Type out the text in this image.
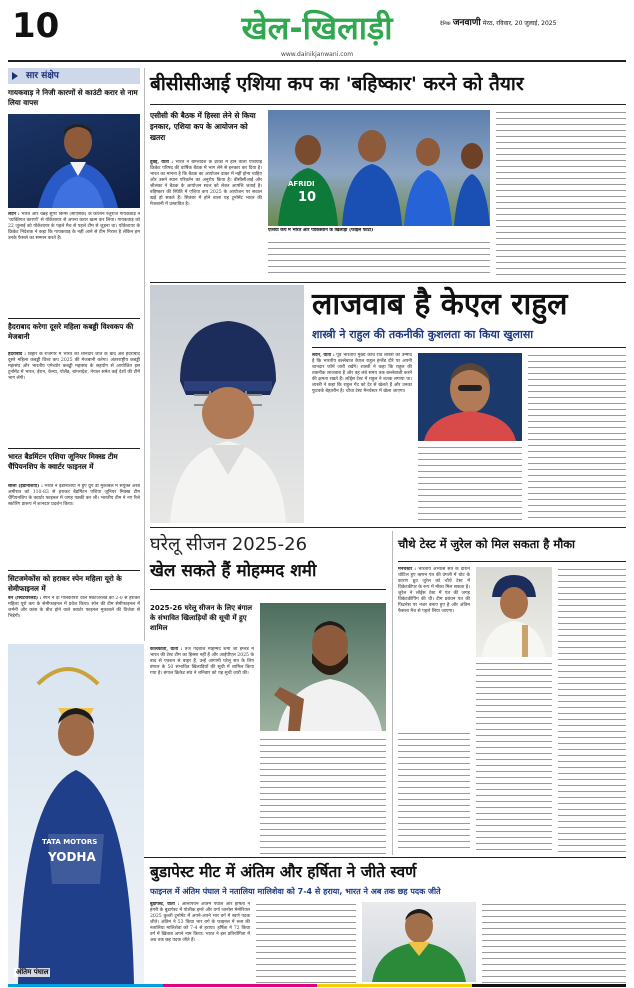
10	खेल-खिलाड़ी	दैनिक जनवाणी मेरठ, रविवार, 20 जुलाई, 2025
www.dainikjanwani.com
सार संक्षेप
गायकवाड़ ने निजी कारणों से काउंटी करार से नाम लिया वापस
लंदन : भारत और चेन्नई सुपर किंग्स (सीएसके) के कप्तान रुतुराज गायकवाड़ ने 'व्यक्तिगत कारणों' से यॉर्कशायर से अपना करार खत्म कर लिया। गायकवाड़ को 22 जुलाई को यॉर्कशायर के पहले मैच से पहले टीम से जुड़ना था। यॉर्कशायर के क्रिकेट निदेशक ने कहा कि गायकवाड़ के नहीं आने से टीम निराश है लेकिन हम उनके फैसले का सम्मान करते हैं।
हैदराबाद करेगा दूसरे महिला कबड्डी विश्वकप की मेजबानी
हैदराबाद : बिहार के राजगीर में भारत की शानदार जीत के बाद अब हैदराबाद दूसरे महिला कबड्डी विश्व कप 2025 की मेजबानी करेगा। अंतरराष्ट्रीय कबड्डी महासंघ और भारतीय एमेच्योर कबड्डी महासंघ के सहयोग से आयोजित इस टूर्नामेंट में भारत, ईरान, केन्या, पोलैंड, बांग्लादेश, नेपाल समेत कई देशों की टीमें भाग लेंगी।
भारत बैडमिंटन एशिया जूनियर मिक्स्ड टीम चैंपियनशिप के क्वार्टर फाइनल में
सोलो (इंडोनेशिया) : भारत ने इंडोनेशिया में हुए ग्रुप डी मुकाबले में संयुक्त अरब अमीरात को 110-83 से हराकर बैडमिंटन एशिया जूनियर मिक्स्ड टीम चैंपियनशिप के क्वार्टर फाइनल में जगह पक्की कर ली। भारतीय टीम ने नए रिले स्कोरिंग प्रारूप में शानदार प्रदर्शन किया।
सिटजमेकोंस को हराकर स्पेन महिला यूरो के सेमीफाइनल में
बर्न (स्विटजरलैंड) : स्पेन ने दो गोलकीपरों वाले स्विटजरलैंड को 2-0 से हराकर महिला यूरो कप के सेमीफाइनल में प्रवेश किया। स्पेन की टीम सेमीफाइनल में जर्मनी और फ्रांस के बीच होने वाले क्वार्टर फाइनल मुकाबले की विजेता से भिड़ेगी।
बीसीसीआई एशिया कप का 'बहिष्कार' करने को तैयार
एसीसी की बैठक में हिस्सा लेने से किया इनकार, एशिया कप के आयोजन को खतरा
दुबई, वार्ता : भारत ने बांग्लादेश के ढाका में होने वाली एशियाई क्रिकेट परिषद की वार्षिक बैठक में भाग लेने से इनकार कर दिया है। भारत का मानना है कि बैठक का आयोजन ढाका में नहीं होना चाहिए और उसने स्थान परिवर्तन का अनुरोध किया है। बीसीसीआई और श्रीलंका ने बैठक के आयोजन स्थल को लेकर आपत्ति जताई है। बहिष्कार की स्थिति में एशिया कप 2025 के आयोजन पर सवाल खड़े हो सकते हैं। सितंबर में होने वाला यह टूर्नामेंट भारत की मेजबानी में प्रस्तावित है।
AFRIDI
10
एशिया कप में भारत और पाकिस्तान के खिलाड़ी (फाइल फोटो)
लाजवाब है केएल राहुल
शास्त्री ने राहुल की तकनीकी कुशलता का किया खुलासा
लंदन, वार्ता : पूर्व भारतीय मुख्य कोच रवि शास्त्री को उम्मीद है कि भारतीय बल्लेबाज केएल राहुल इंग्लैंड दौरे पर अपनी शानदार फॉर्म जारी रखेंगे। शास्त्री ने कहा कि राहुल की तकनीक लाजवाब है और वह लंबे समय तक बल्लेबाजी करने की क्षमता रखते हैं। लॉर्ड्स टेस्ट में राहुल ने शतक लगाया था। शास्त्री ने कहा कि राहुल गेंद को देर से खेलते हैं और उनका फुटवर्क बेहतरीन है। चौथा टेस्ट मैनचेस्टर में खेला जाएगा।
घरेलू सीजन 2025-26
खेल सकते हैं मोहम्मद शमी
2025-26 घरेलू सीजन के लिए बंगाल के संभावित खिलाड़ियों की सूची में हुए शामिल
कोलकाता, वार्ता : तेज गेंदबाज मोहम्मद शमी जो इंग्लैंड में भारत की टेस्ट टीम का हिस्सा नहीं हैं और आईपीएल 2025 के बाद से एक्शन से बाहर हैं, उन्हें आगामी घरेलू सत्र के लिए बंगाल के 50 संभावित खिलाड़ियों की सूची में शामिल किया गया है। बंगाल क्रिकेट संघ ने शनिवार को यह सूची जारी की।
चौथे टेस्ट में जुरेल को मिल सकता है मौका
मैनचेस्टर : भारतीय अभ्यास सत्र के दौरान चोटिल हुए ऋषभ पंत की उंगली में चोट के कारण ध्रुव जुरेल को चौथे टेस्ट में विकेटकीपर के रूप में मौका मिल सकता है। जुरेल ने लॉर्ड्स टेस्ट में पंत की जगह विकेटकीपिंग की थी। टीम प्रबंधन पंत की फिटनेस पर नजर बनाए हुए है और अंतिम फैसला मैच से पहले लिया जाएगा।
TATA MOTORS
YODHA
अंतिम पंघाल
बुडापेस्ट मीट में अंतिम और हर्षिता ने जीते स्वर्ण
फाइनल में अंतिम पंघाल ने नतालिया मालिशेवा को 7-4 से हराया, भारत ने अब तक छह पदक जीते
बुडापेस्ट, वार्ता : ओलंपियन अंतिम पंघाल और हर्षिता ने हंगरी के बुडापेस्ट में पोलीक इमरे और वर्गा जानोस मेमोरियल 2025 कुश्ती टूर्नामेंट में अपने-अपने भार वर्ग में स्वर्ण पदक जीते। अंतिम ने 53 किग्रा भार वर्ग के फाइनल में रूस की नतालिया मालिशेवा को 7-4 से हराया। हर्षिता ने 72 किग्रा वर्ग में खिताब अपने नाम किया। भारत ने इस प्रतियोगिता में अब तक छह पदक जीते हैं।
